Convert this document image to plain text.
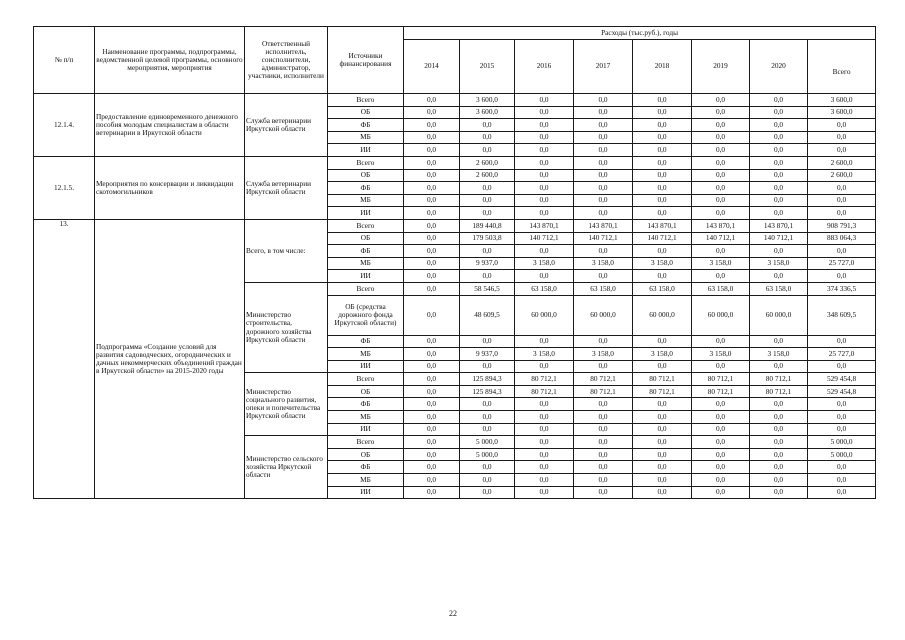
№ п/п	Наименование программы, подпрограммы, ведомственной целевой программы, основного мероприятия, мероприятия	Ответственный исполнитель, соисполнители, администратор, участники, исполнители	Источники финансирования	Расходы (тыс.руб.), годы							
				2014	2015	2016	2017	2018	2019	2020	Всего
12.1.4.	Предоставление единовременного денежного пособия молодым специалистам в области ветеринарии в Иркутской области	Служба ветеринарии Иркутской области	Всего	0,0	3 600,0	0,0	0,0	0,0	0,0	0,0	3 600,0
			ОБ	0,0	3 600,0	0,0	0,0	0,0	0,0	0,0	3 600,0
			ФБ	0,0	0,0	0,0	0,0	0,0	0,0	0,0	0,0
			МБ	0,0	0,0	0,0	0,0	0,0	0,0	0,0	0,0
			ИИ	0,0	0,0	0,0	0,0	0,0	0,0	0,0	0,0
12.1.5.	Мероприятия по консервации и ликвидации скотомогильников	Служба ветеринарии Иркутской области	Всего	0,0	2 600,0	0,0	0,0	0,0	0,0	0,0	2 600,0
			ОБ	0,0	2 600,0	0,0	0,0	0,0	0,0	0,0	2 600,0
			ФБ	0,0	0,0	0,0	0,0	0,0	0,0	0,0	0,0
			МБ	0,0	0,0	0,0	0,0	0,0	0,0	0,0	0,0
			ИИ	0,0	0,0	0,0	0,0	0,0	0,0	0,0	0,0
13.	Подпрограмма «Создание условий для развития садоводческих, огороднических и дачных некоммерческих объединений граждан в Иркутской области» на 2015-2020 годы	Всего, в том числе:	Всего	0,0	189 440,8	143 870,1	143 870,1	143 870,1	143 870,1	143 870,1	908 791,3
			ОБ	0,0	179 503,8	140 712,1	140 712,1	140 712,1	140 712,1	140 712,1	883 064,3
			ФБ	0,0	0,0	0,0	0,0	0,0	0,0	0,0	0,0
			МБ	0,0	9 937,0	3 158,0	3 158,0	3 158,0	3 158,0	3 158,0	25 727,0
			ИИ	0,0	0,0	0,0	0,0	0,0	0,0	0,0	0,0
		Министерство строительства, дорожного хозяйства Иркутской области	Всего	0,0	58 546,5	63 158,0	63 158,0	63 158,0	63 158,0	63 158,0	374 336,5
			ОБ (средства дорожного фонда Иркутской области)	0,0	48 609,5	60 000,0	60 000,0	60 000,0	60 000,0	60 000,0	348 609,5
			ФБ	0,0	0,0	0,0	0,0	0,0	0,0	0,0	0,0
			МБ	0,0	9 937,0	3 158,0	3 158,0	3 158,0	3 158,0	3 158,0	25 727,0
			ИИ	0,0	0,0	0,0	0,0	0,0	0,0	0,0	0,0
		Министерство социального развития, опеки и попечительства Иркутской области	Всего	0,0	125 894,3	80 712,1	80 712,1	80 712,1	80 712,1	80 712,1	529 454,8
			ОБ	0,0	125 894,3	80 712,1	80 712,1	80 712,1	80 712,1	80 712,1	529 454,8
			ФБ	0,0	0,0	0,0	0,0	0,0	0,0	0,0	0,0
			МБ	0,0	0,0	0,0	0,0	0,0	0,0	0,0	0,0
			ИИ	0,0	0,0	0,0	0,0	0,0	0,0	0,0	0,0
		Министерство сельского хозяйства Иркутской области	Всего	0,0	5 000,0	0,0	0,0	0,0	0,0	0,0	5 000,0
			ОБ	0,0	5 000,0	0,0	0,0	0,0	0,0	0,0	5 000,0
			ФБ	0,0	0,0	0,0	0,0	0,0	0,0	0,0	0,0
			МБ	0,0	0,0	0,0	0,0	0,0	0,0	0,0	0,0
			ИИ	0,0	0,0	0,0	0,0	0,0	0,0	0,0	0,0
22
